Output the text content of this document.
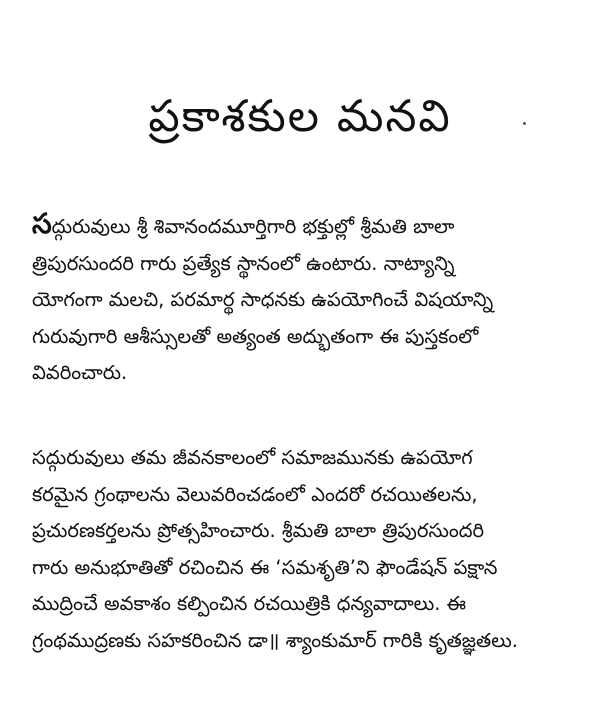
ప్రకాశకుల మనవి

సద్గురువులు శ్రీ శివానందమూర్తిగారి భక్తుల్లో శ్రీమతి బాలా
త్రిపురసుందరి గారు ప్రత్యేక స్థానంలో ఉంటారు. నాట్యాన్ని
యోగంగా మలచి, పరమార్థ సాధనకు ఉపయోగించే విషయాన్ని
గురువుగారి ఆశీస్సులతో అత్యంత అద్భుతంగా ఈ పుస్తకంలో
వివరించారు.

సద్గురువులు తమ జీవనకాలంలో సమాజమునకు ఉపయోగ
కరమైన గ్రంథాలను వెలువరించడంలో ఎందరో రచయితలను,
ప్రచురణకర్తలను ప్రోత్సహించారు. శ్రీమతి బాలా త్రిపురసుందరి
గారు అనుభూతితో రచించిన ఈ ‘సమశృతి’ని ఫౌండేషన్ పక్షాన
ముద్రించే అవకాశం కల్పించిన రచయిత్రికి ధన్యవాదాలు. ఈ
గ్రంథముద్రణకు సహకరించిన డా॥ శ్యాంకుమార్ గారికి కృతజ్ఞతలు.
